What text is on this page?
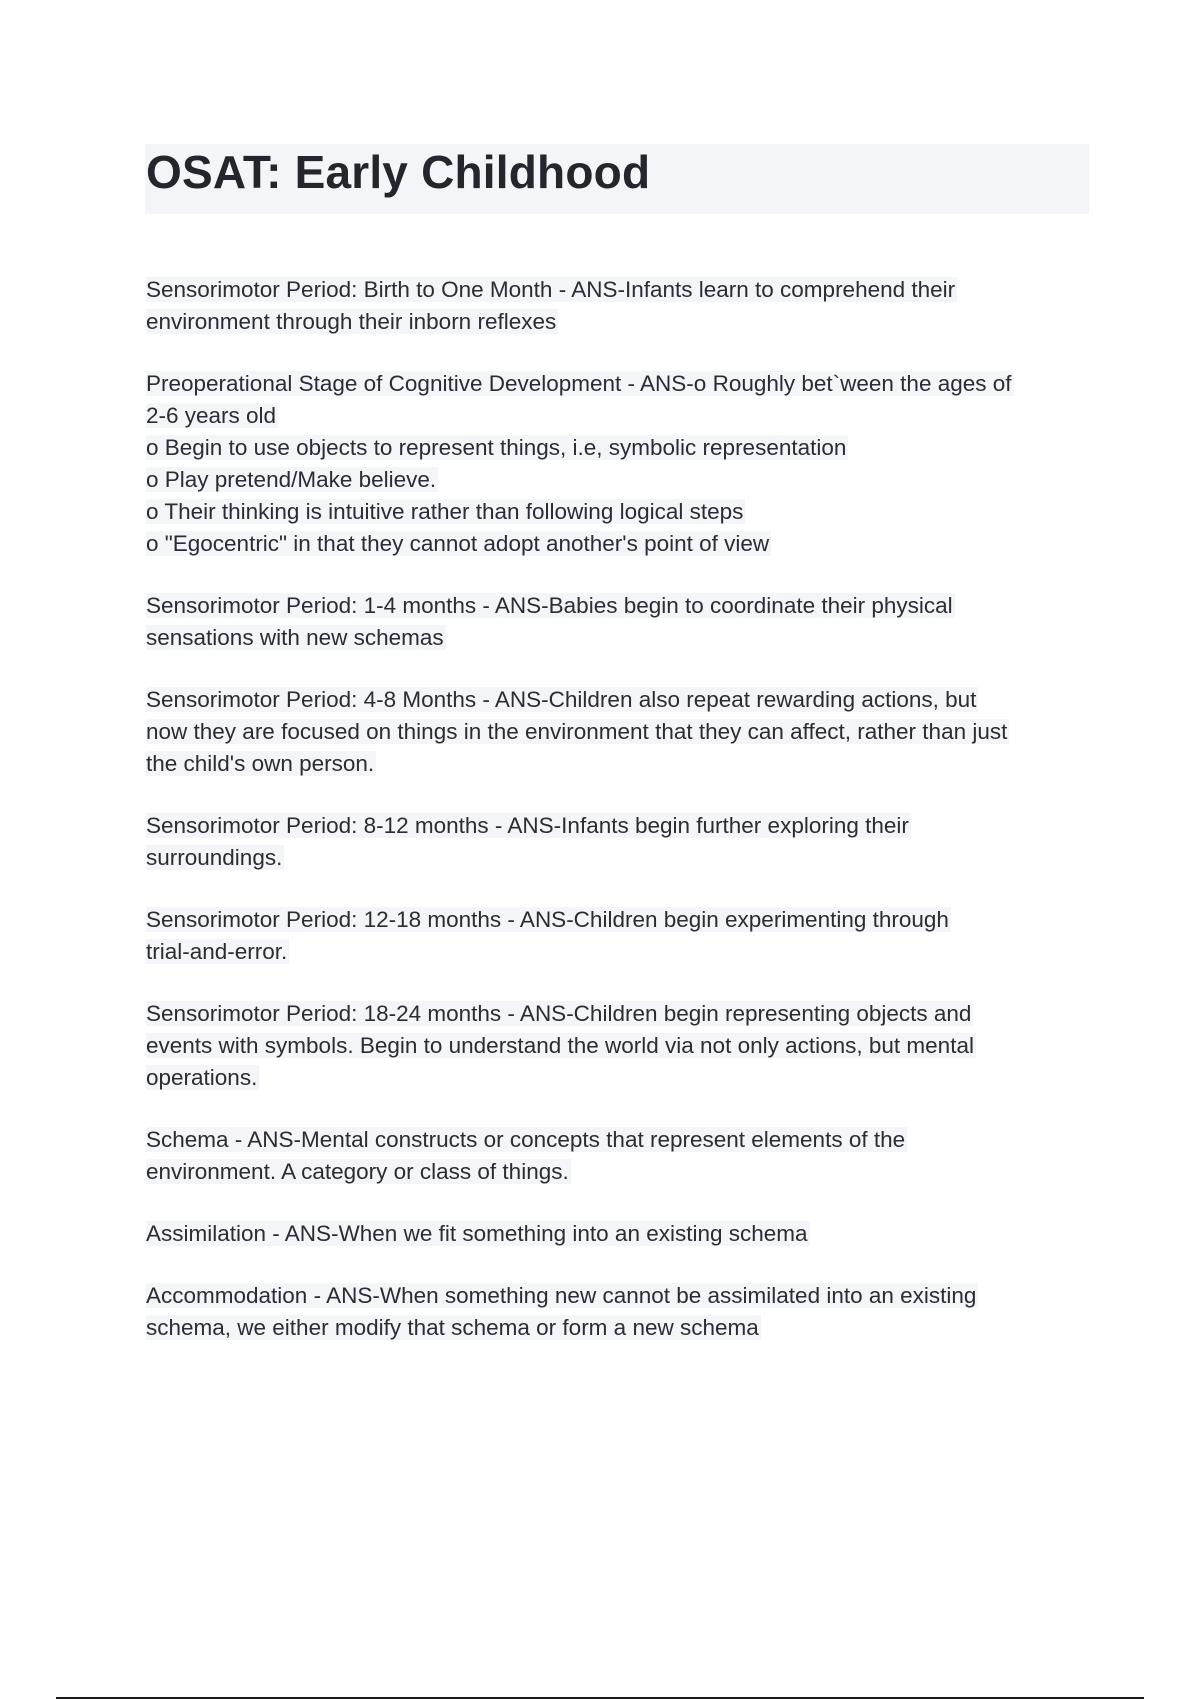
OSAT: Early Childhood
Sensorimotor Period: Birth to One Month - ANS-Infants learn to comprehend their
environment through their inborn reflexes
Preoperational Stage of Cognitive Development - ANS-o Roughly bet`ween the ages of
2-6 years old
o Begin to use objects to represent things, i.e, symbolic representation
o Play pretend/Make believe.
o Their thinking is intuitive rather than following logical steps
o "Egocentric" in that they cannot adopt another's point of view
Sensorimotor Period: 1-4 months - ANS-Babies begin to coordinate their physical
sensations with new schemas
Sensorimotor Period: 4-8 Months - ANS-Children also repeat rewarding actions, but
now they are focused on things in the environment that they can affect, rather than just
the child's own person.
Sensorimotor Period: 8-12 months - ANS-Infants begin further exploring their
surroundings.
Sensorimotor Period: 12-18 months - ANS-Children begin experimenting through
trial-and-error.
Sensorimotor Period: 18-24 months - ANS-Children begin representing objects and
events with symbols. Begin to understand the world via not only actions, but mental
operations.
Schema - ANS-Mental constructs or concepts that represent elements of the
environment. A category or class of things.
Assimilation - ANS-When we fit something into an existing schema
Accommodation - ANS-When something new cannot be assimilated into an existing
schema, we either modify that schema or form a new schema
